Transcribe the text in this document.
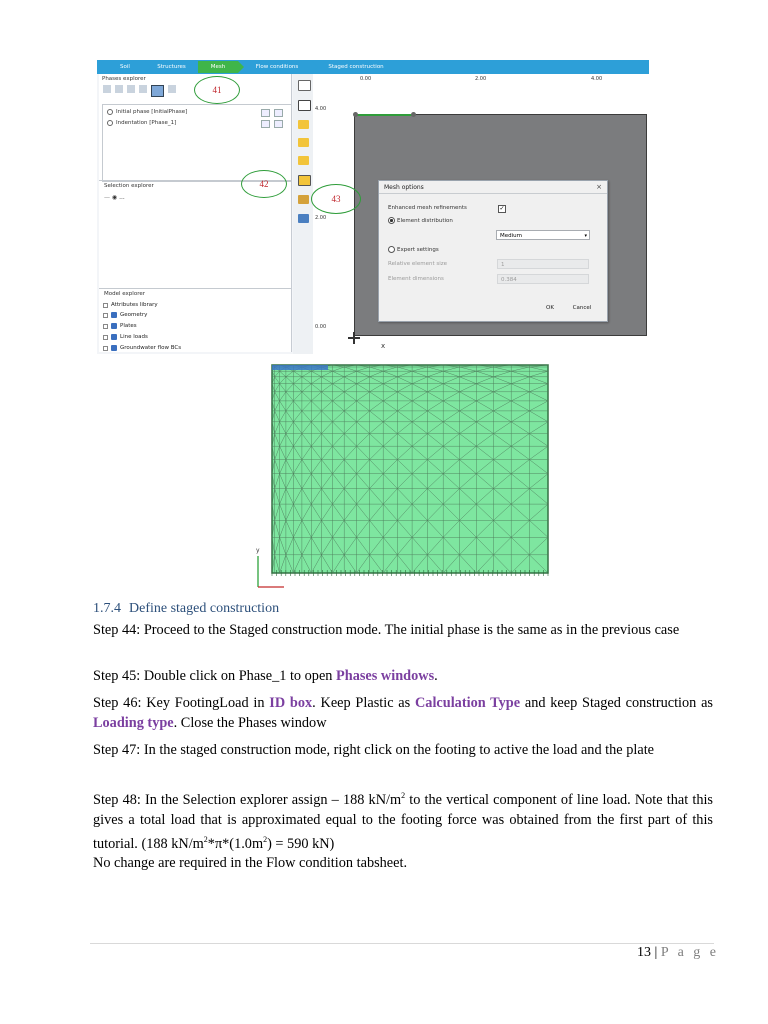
Soil	Structures	Mesh	Flow conditions	Staged construction
Phases explorer
Initial phase [InitialPhase]
Indentation [Phase_1]
Selection explorer
— ◉ ...
Model explorer
Attributes library
Geometry
Plates
Line loads
Groundwater flow BCs
0.00	2.00	4.00
4.00
2.00
0.00
x
41
42
43
Mesh options	×
Enhanced mesh refinements	✓
Element distribution
Medium	▾
Expert settings
Relative element size	1
Element dimensions	0.384
OK	Cancel
y
1.7.4 Define staged construction
Step 44: Proceed to the Staged construction mode. The initial phase is the same as in the previous case
Step 45: Double click on Phase_1 to open Phases windows.
Step 46: Key FootingLoad in ID box. Keep Plastic as Calculation Type and keep Staged construction as Loading type. Close the Phases window
Step 47: In the staged construction mode, right click on the footing to active the load and the plate
Step 48: In the Selection explorer assign – 188 $kN/m^2$ to the vertical component of line load. Note that this gives a total load that is approximated equal to the footing force was obtained from the first part of this tutorial. (188 $kN/m^2*\pi*(1.0m^2) = 590$ kN)
No change are required in the Flow condition tabsheet.
13 | P a g e
